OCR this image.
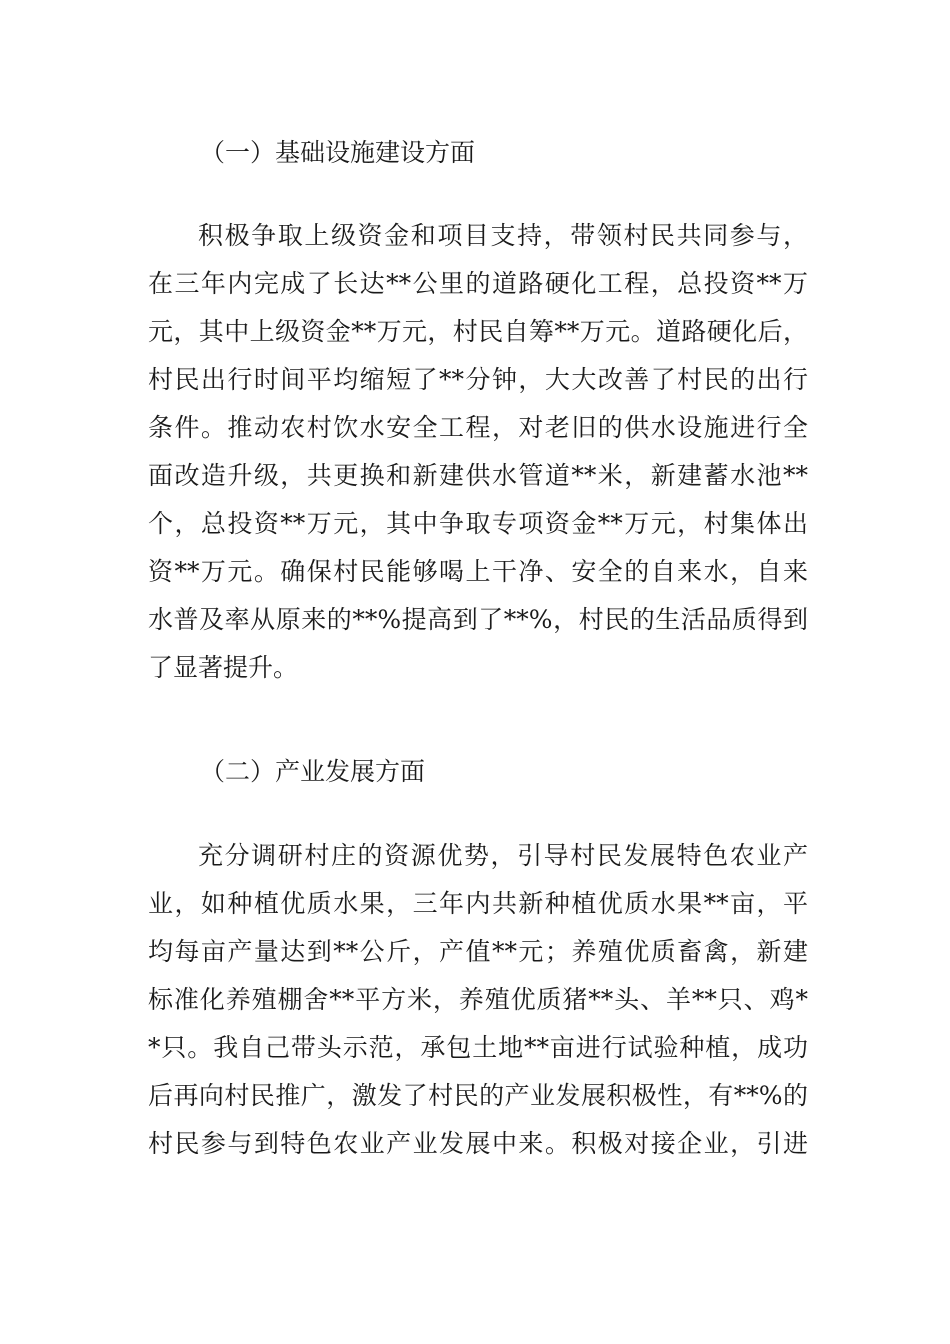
（一）基础设施建设方面
积极争取上级资金和项目支持，带领村民共同参与，
在三年内完成了长达**公里的道路硬化工程，总投资**万
元，其中上级资金**万元，村民自筹**万元。道路硬化后，
村民出行时间平均缩短了**分钟，大大改善了村民的出行
条件。推动农村饮水安全工程，对老旧的供水设施进行全
面改造升级，共更换和新建供水管道**米，新建蓄水池**
个，总投资**万元，其中争取专项资金**万元，村集体出
资**万元。确保村民能够喝上干净、安全的自来水，自来
水普及率从原来的**%提高到了**%，村民的生活品质得到
了显著提升。
（二）产业发展方面
充分调研村庄的资源优势，引导村民发展特色农业产
业，如种植优质水果，三年内共新种植优质水果**亩，平
均每亩产量达到**公斤，产值**元；养殖优质畜禽，新建
标准化养殖棚舍**平方米，养殖优质猪**头、羊**只、鸡*
*只。我自己带头示范，承包土地**亩进行试验种植，成功
后再向村民推广，激发了村民的产业发展积极性，有**%的
村民参与到特色农业产业发展中来。积极对接企业，引进
